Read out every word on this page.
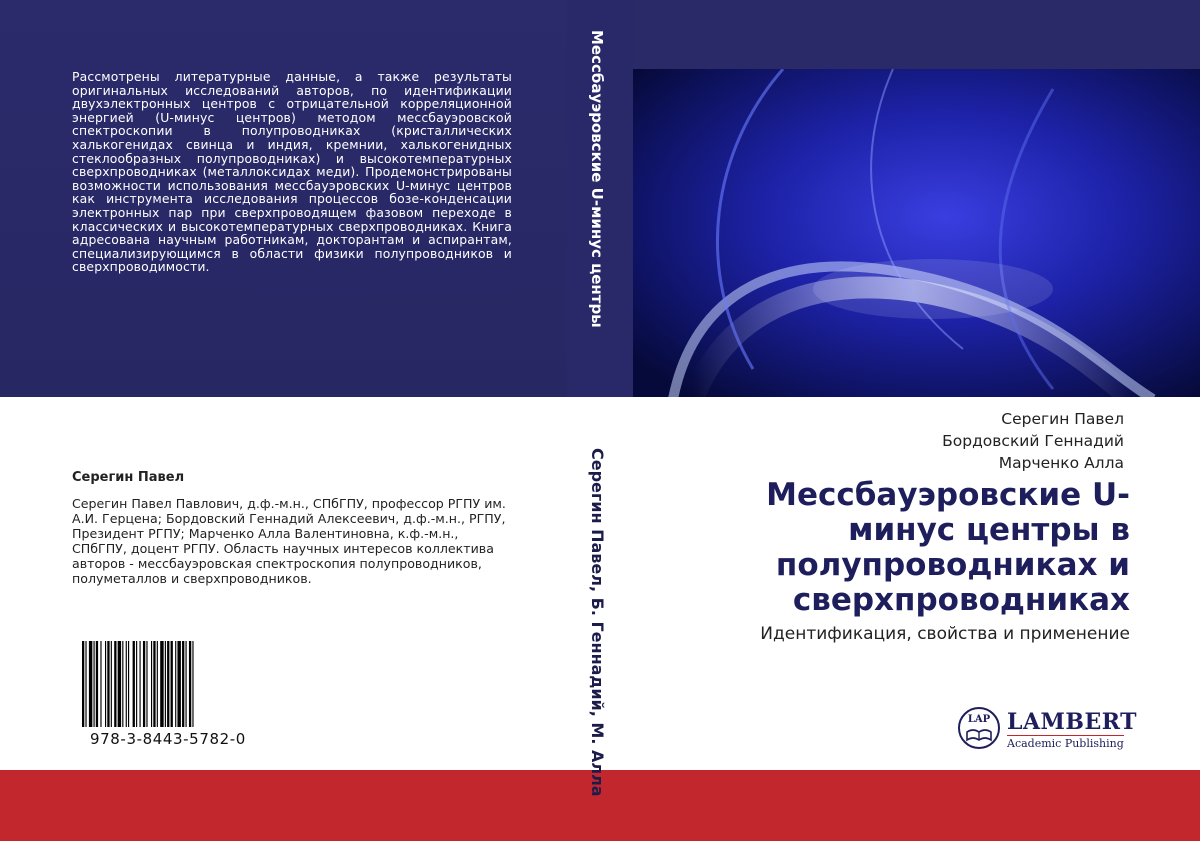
Рассмотрены литературные данные, а также результаты оригинальных исследований авторов, по идентификации двухэлектронных центров с отрицательной корреляционной энергией (U-минус центров) методом мессбауэровской спектроскопии в полупроводниках (кристаллических халькогенидах свинца и индия, кремнии, халькогенидных стеклообразных полупроводниках) и высокотемпературных сверхпроводниках (металлоксидах меди). Продемонстрированы возможности использования мессбауэровских U-минус центров как инструмента исследования процессов бозе-конденсации электронных пар при сверхпроводящем фазовом переходе в классических и высокотемпературных сверхпроводниках. Книга адресована научным работникам, докторантам и аспирантам, специализирующимся в области физики полупроводников и сверхпроводимости.	Мессбауэровские U-минус центры
Серегин Павел, Б. Геннадий, М. Алла
Серегин Павел
Серегин Павел Павлович, д.ф.-м.н., СПбГПУ, профессор РГПУ им. А.И. Герцена; Бордовский Геннадий Алексеевич, д.ф.-м.н., РГПУ, Президент РГПУ; Марченко Алла Валентиновна, к.ф.-м.н., СПбГПУ, доцент РГПУ. Область научных интересов коллектива авторов - мессбауэровская спектроскопия полупроводников, полуметаллов и сверхпроводников.
978-3-8443-5782-0
Серегин Павел
Бордовский Геннадий
Марченко Алла
Мессбауэровские U-минус центры в полупроводниках и сверхпроводниках
Идентификация, свойства и применение
LAP LAMBERT
Academic Publishing
